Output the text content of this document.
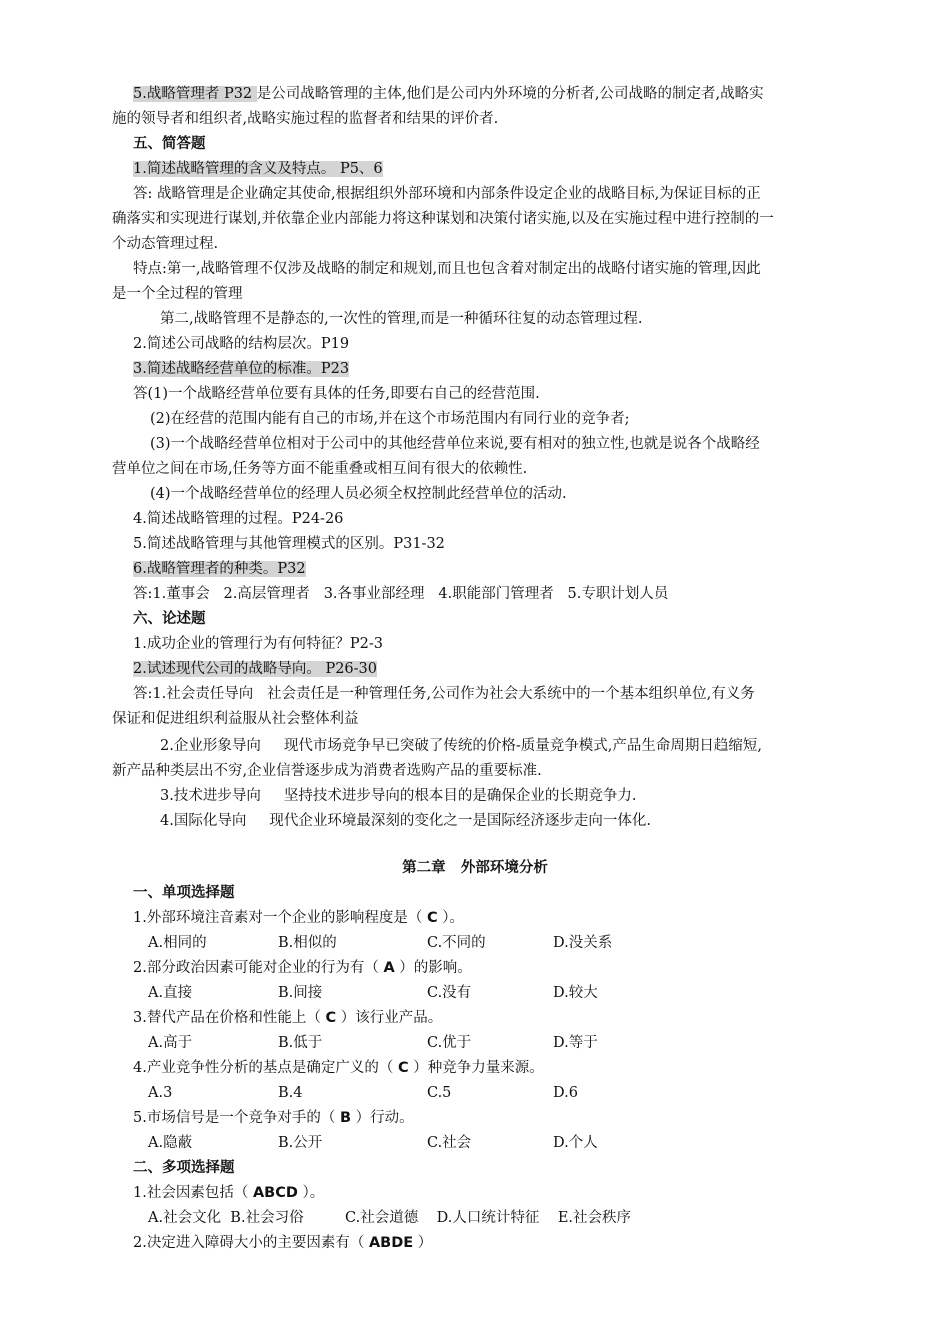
5.战略管理者 P32 是公司战略管理的主体,他们是公司内外环境的分析者,公司战略的制定者,战略实
施的领导者和组织者,战略实施过程的监督者和结果的评价者.
五、简答题
1.简述战略管理的含义及特点。 P5、6
答: 战略管理是企业确定其使命,根据组织外部环境和内部条件设定企业的战略目标,为保证目标的正
确落实和实现进行谋划,并依靠企业内部能力将这种谋划和决策付诸实施,以及在实施过程中进行控制的一
个动态管理过程.
特点:第一,战略管理不仅涉及战略的制定和规划,而且也包含着对制定出的战略付诸实施的管理,因此
是一个全过程的管理
第二,战略管理不是静态的,一次性的管理,而是一种循环往复的动态管理过程.
2.简述公司战略的结构层次。P19
3.简述战略经营单位的标准。P23
答(1)一个战略经营单位要有具体的任务,即要右自己的经营范围.
(2)在经营的范围内能有自己的市场,并在这个市场范围内有同行业的竞争者;
(3)一个战略经营单位相对于公司中的其他经营单位来说,要有相对的独立性,也就是说各个战略经
营单位之间在市场,任务等方面不能重叠或相互间有很大的依赖性.
(4)一个战略经营单位的经理人员必须全权控制此经营单位的活动.
4.简述战略管理的过程。P24-26
5.简述战略管理与其他管理模式的区别。P31-32
6.战略管理者的种类。P32
答:1.董事会   2.高层管理者   3.各事业部经理   4.职能部门管理者   5.专职计划人员
六、论述题
1.成功企业的管理行为有何特征？P2-3
2.试述现代公司的战略导向。 P26-30
答:1.社会责任导向   社会责任是一种管理任务,公司作为社会大系统中的一个基本组织单位,有义务
保证和促进组织利益服从社会整体利益
2.企业形象导向     现代市场竞争早已突破了传统的价格-质量竞争模式,产品生命周期日趋缩短,
新产品种类层出不穷,企业信誉逐步成为消费者选购产品的重要标准.
3.技术进步导向     坚持技术进步导向的根本目的是确保企业的长期竞争力.
4.国际化导向     现代企业环境最深刻的变化之一是国际经济逐步走向一体化.
第二章   外部环境分析
一、单项选择题
1.外部环境注音素对一个企业的影响程度是（ C ）。
A.相同的	B.相似的	C.不同的	D.没关系
2.部分政治因素可能对企业的行为有（ A ）的影响。
A.直接	B.间接	C.没有	D.较大
3.替代产品在价格和性能上（ C ）该行业产品。
A.高于	B.低于	C.优于	D.等于
4.产业竞争性分析的基点是确定广义的（ C ）种竞争力量来源。
A.3	B.4	C.5	D.6
5.市场信号是一个竞争对手的（ B ）行动。
A.隐蔽	B.公开	C.社会	D.个人
二、多项选择题
1.社会因素包括（ ABCD ）。
A.社会文化  B.社会习俗         C.社会道德    D.人口统计特征    E.社会秩序
2.决定进入障碍大小的主要因素有（ ABDE ）
